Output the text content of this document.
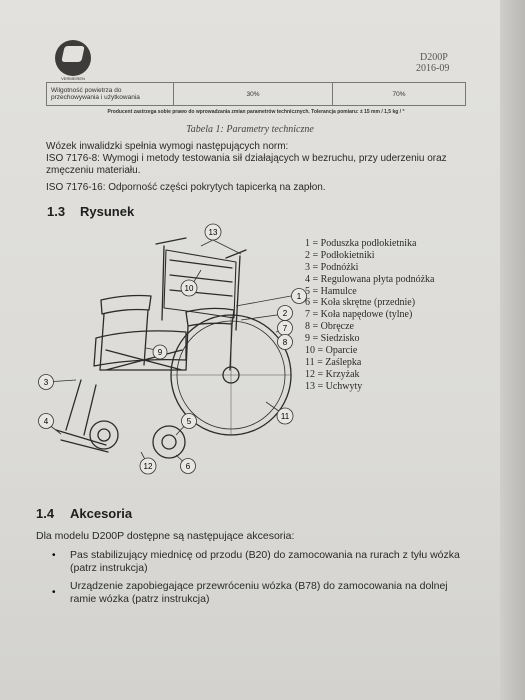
VERMEIREN
D200P
2016-09
Wilgotność powietrza do przechowywania i użytkowania	30%	70%
Producent zastrzega sobie prawo do wprowadzania zmian parametrów technicznych. Tolerancja pomiaru: ± 15 mm / 1,5 kg / °
Tabela 1: Parametry techniczne
Wózek inwalidzki spełnia wymogi następujących norm:
ISO 7176-8: Wymogi i metody testowania sił działających w bezruchu, przy uderzeniu oraz
zmęczeniu materiału.
ISO 7176-16: Odporność części pokrytych tapicerką na zapłon.
1.3 Rysunek
13
10
1
2
7
8
9
3
4	5
11
12	6
1 = Poduszka podłokietnika
2 = Podłokietniki
3 = Podnóżki
4 = Regulowana płyta podnóżka
5 = Hamulce
6 = Koła skrętne (przednie)
7 = Koła napędowe (tylne)
8 = Obręcze
9 = Siedzisko
10 = Oparcie
11 = Zaślepka
12 = Krzyżak
13 = Uchwyty
1.4 Akcesoria
Dla modelu D200P dostępne są następujące akcesoria:
• Pas stabilizujący miednicę od przodu (B20) do zamocowania na rurach z tyłu wózka
(patrz instrukcja)
•
Urządzenie zapobiegające przewróceniu wózka (B78) do zamocowania na dolnej
ramie wózka (patrz instrukcja)
